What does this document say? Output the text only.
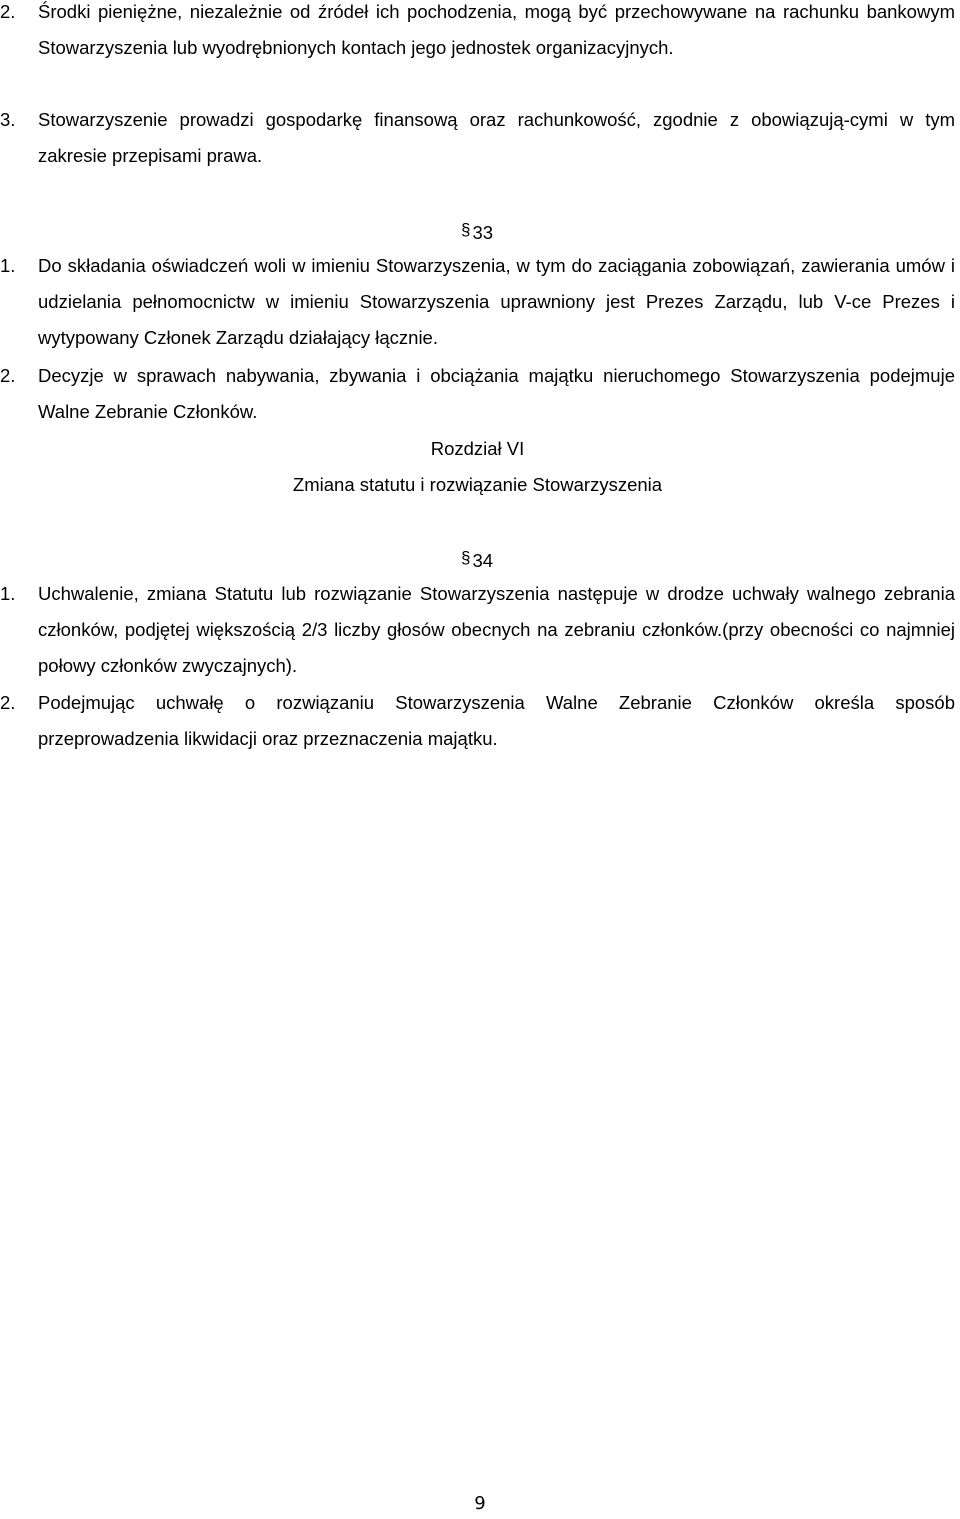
2. Środki pieniężne, niezależnie od źródeł ich pochodzenia, mogą być przechowywane na rachunku bankowym Stowarzyszenia lub wyodrębnionych kontach jego jednostek organizacyjnych.
3. Stowarzyszenie prowadzi gospodarkę finansową oraz rachunkowość, zgodnie z obowiązują-cymi w tym zakresie przepisami prawa.
§ 33
1. Do składania oświadczeń woli w imieniu Stowarzyszenia, w tym do zaciągania zobowiązań, zawierania umów i udzielania pełnomocnictw w imieniu Stowarzyszenia uprawniony jest Prezes Zarządu, lub V-ce Prezes i wytypowany Członek Zarządu działający łącznie.
2. Decyzje w sprawach nabywania, zbywania i obciążania majątku nieruchomego Stowarzyszenia podejmuje Walne Zebranie Członków.
Rozdział VI
Zmiana statutu i rozwiązanie Stowarzyszenia
§ 34
1. Uchwalenie, zmiana Statutu lub rozwiązanie Stowarzyszenia następuje w drodze uchwały walnego zebrania członków, podjętej większością 2/3 liczby głosów obecnych na zebraniu członków.(przy obecności co najmniej połowy członków zwyczajnych).
2. Podejmując uchwałę o rozwiązaniu Stowarzyszenia Walne Zebranie Członków określa sposób przeprowadzenia likwidacji oraz przeznaczenia majątku.
9
